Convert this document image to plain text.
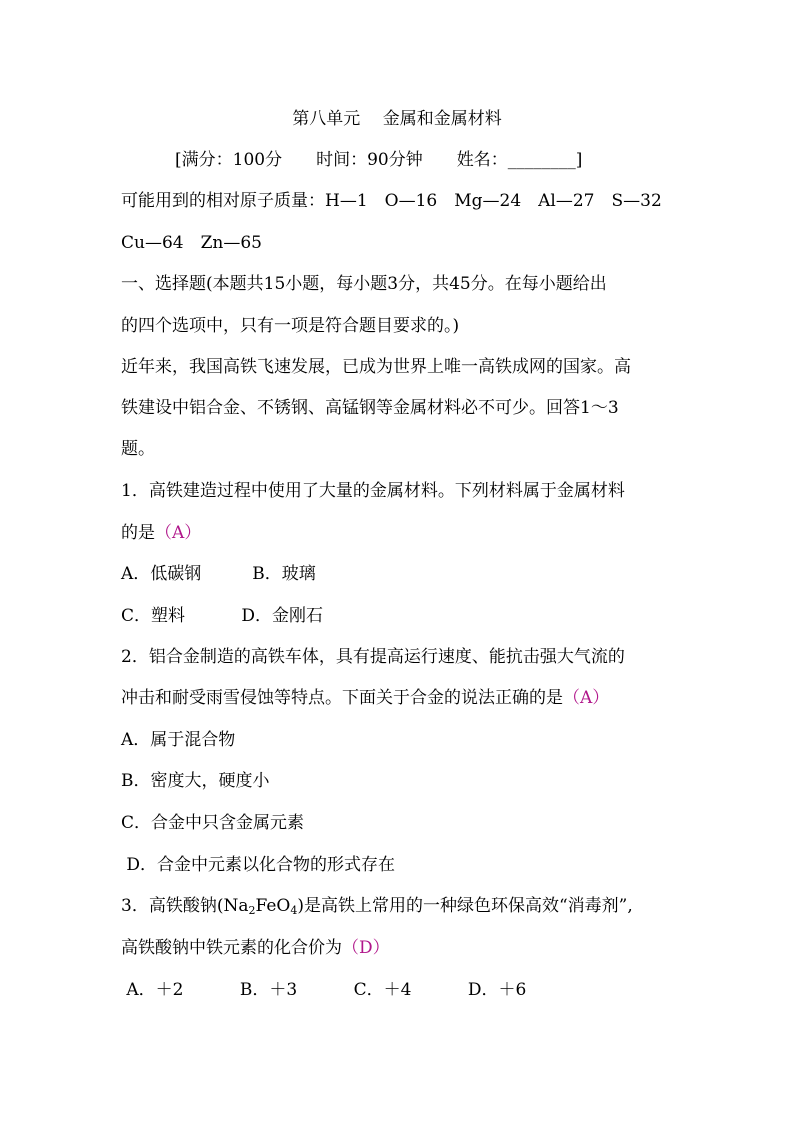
第八单元　 金属和金属材料
[满分：100分　　时间：90分钟　　姓名：________]
可能用到的相对原子质量：H—1　O—16　Mg—24　Al—27　S—32
Cu—64　Zn—65
一、选择题(本题共15小题，每小题3分，共45分。在每小题给出
的四个选项中，只有一项是符合题目要求的。)
近年来，我国高铁飞速发展，已成为世界上唯一高铁成网的国家。高
铁建设中铝合金、不锈钢、高锰钢等金属材料必不可少。回答1～3
题。
1．高铁建造过程中使用了大量的金属材料。下列材料属于金属材料
的是（A）
A．低碳钢　　　B．玻璃
C．塑料　　　 D．金刚石
2．铝合金制造的高铁车体，具有提高运行速度、能抗击强大气流的
冲击和耐受雨雪侵蚀等特点。下面关于合金的说法正确的是（A）
A．属于混合物
B．密度大，硬度小
C．合金中只含金属元素
D．合金中元素以化合物的形式存在
3．高铁酸钠$(Na_2FeO_4)$是高铁上常用的一种绿色环保高效“消毒剂”,
高铁酸钠中铁元素的化合价为（D）
A．＋2　　　 B．＋3　　　 C．＋4　　　 D．＋6
